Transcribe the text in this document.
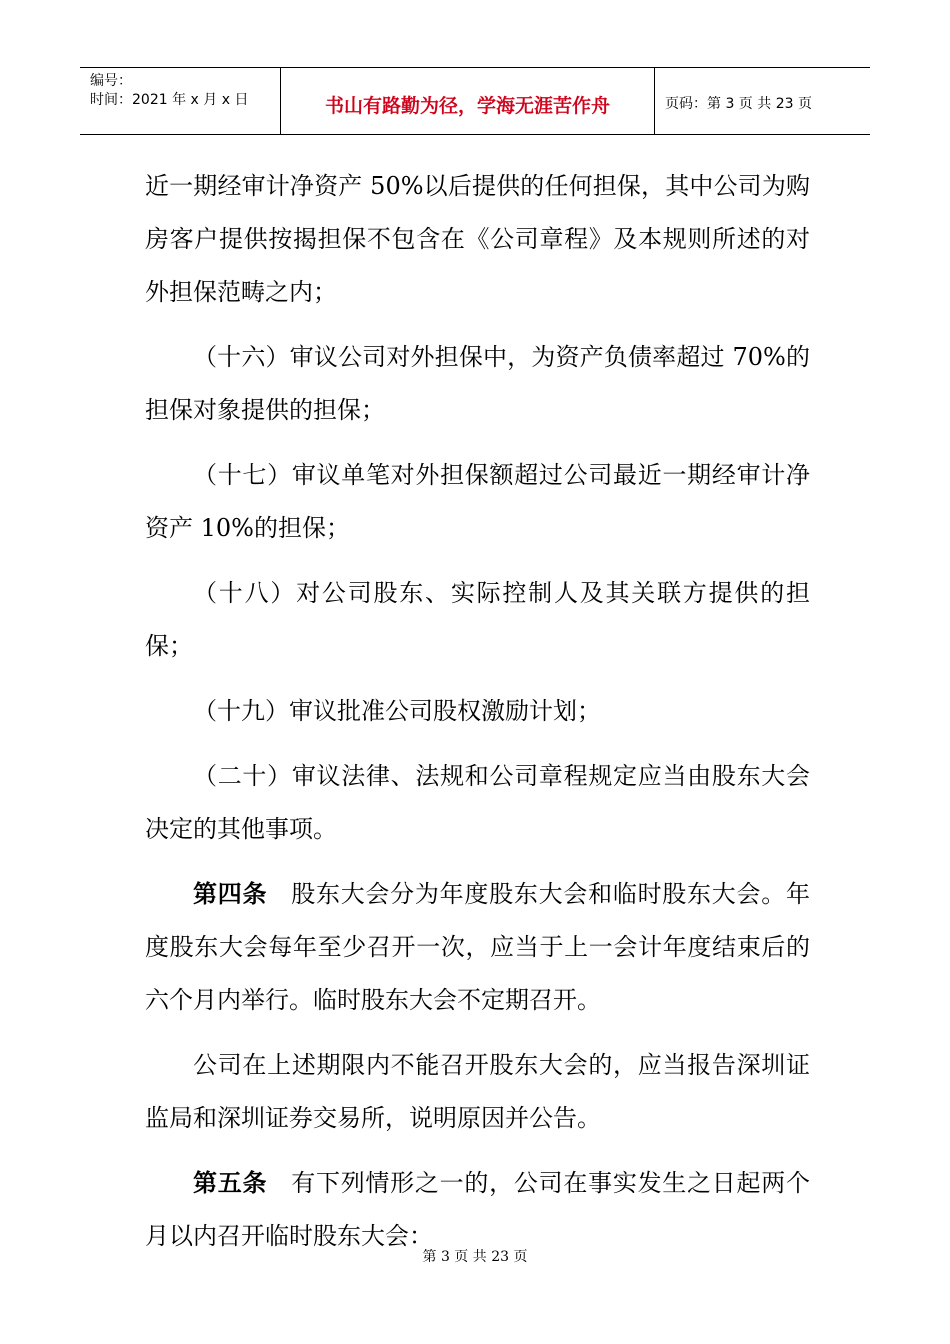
编号：
时间：2021 年 x 月 x 日	书山有路勤为径，学海无涯苦作舟	页码：第 3 页 共 23 页

近一期经审计净资产 50%以后提供的任何担保，其中公司为购房客户提供按揭担保不包含在《公司章程》及本规则所述的对外担保范畴之内；

（十六）审议公司对外担保中，为资产负债率超过 70%的担保对象提供的担保；

（十七）审议单笔对外担保额超过公司最近一期经审计净资产 10%的担保；

（十八）对公司股东、实际控制人及其关联方提供的担保；

（十九）审议批准公司股权激励计划；

（二十）审议法律、法规和公司章程规定应当由股东大会决定的其他事项。

第四条 股东大会分为年度股东大会和临时股东大会。年度股东大会每年至少召开一次，应当于上一会计年度结束后的六个月内举行。临时股东大会不定期召开。

公司在上述期限内不能召开股东大会的，应当报告深圳证监局和深圳证券交易所，说明原因并公告。

第五条 有下列情形之一的，公司在事实发生之日起两个月以内召开临时股东大会：

第 3 页 共 23 页
